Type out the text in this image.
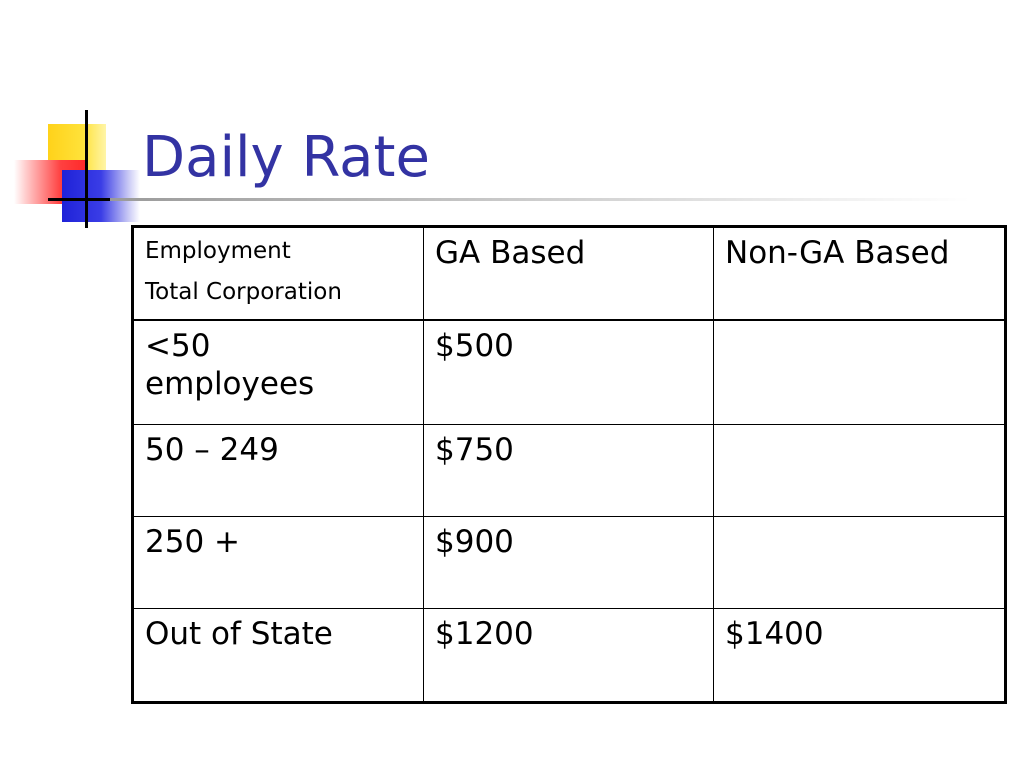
Daily Rate
Employment
Total Corporation	GA Based	Non-GA Based

<50
employees	$500	

50 – 249	$750	

250 +	$900	

Out of State	$1200	$1400
